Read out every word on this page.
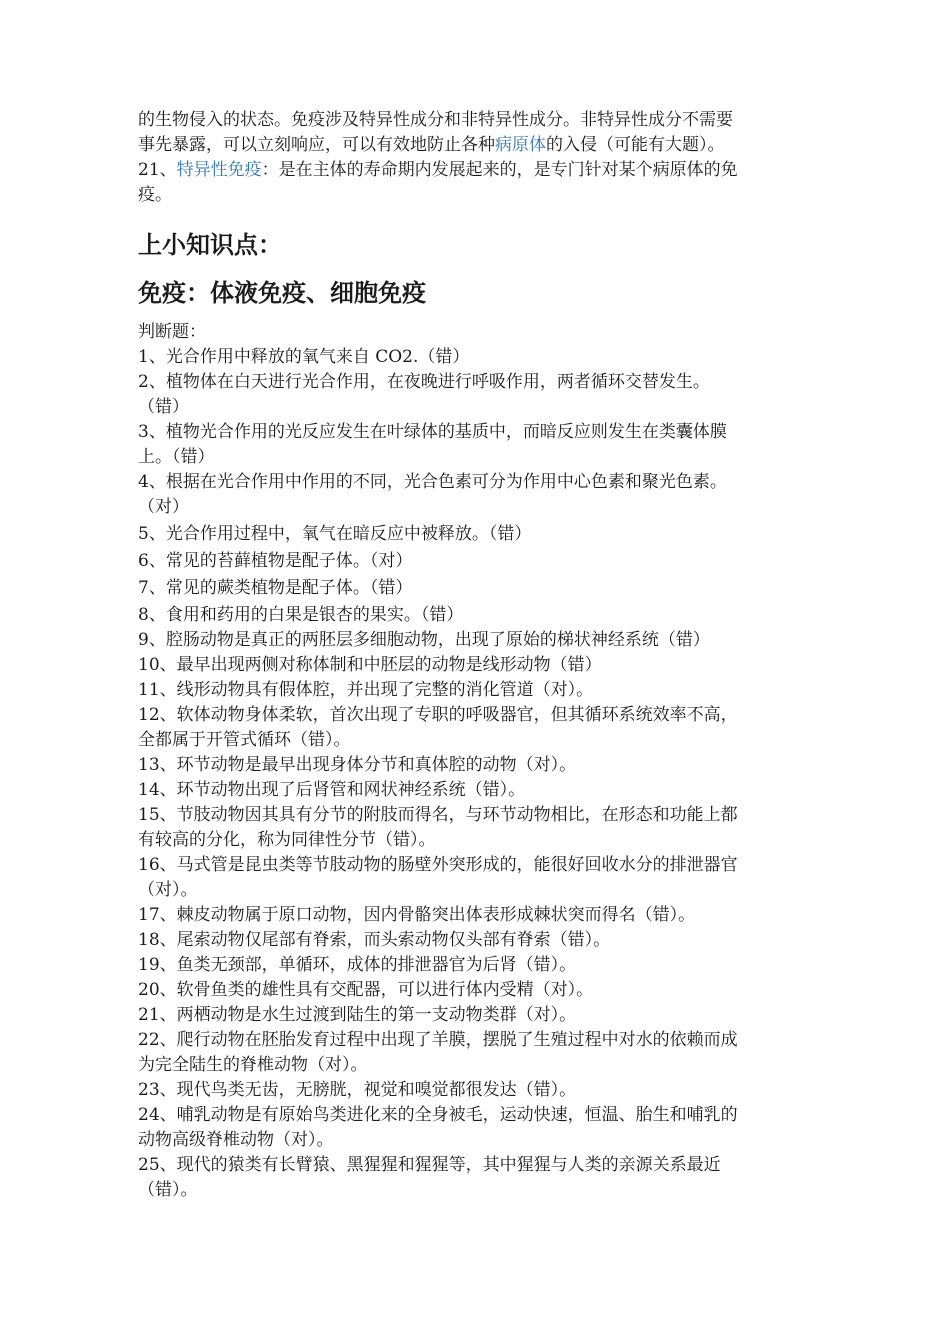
的生物侵入的状态。免疫涉及特异性成分和非特异性成分。非特异性成分不需要
事先暴露，可以立刻响应，可以有效地防止各种病原体的入侵（可能有大题）。

21、特异性免疫：是在主体的寿命期内发展起来的，是专门针对某个病原体的免
疫。

上小知识点：
免疫：体液免疫、细胞免疫

判断题：

1、光合作用中释放的氧气来自 CO2.（错）

2、植物体在白天进行光合作用，在夜晚进行呼吸作用，两者循环交替发生。
（错）

3、植物光合作用的光反应发生在叶绿体的基质中，而暗反应则发生在类囊体膜
上。（错）

4、根据在光合作用中作用的不同，光合色素可分为作用中心色素和聚光色素。
（对）

5、光合作用过程中，氧气在暗反应中被释放。（错）

6、常见的苔藓植物是配子体。（对）

7、常见的蕨类植物是配子体。（错）

8、食用和药用的白果是银杏的果实。（错）

9、腔肠动物是真正的两胚层多细胞动物，出现了原始的梯状神经系统（错）

10、最早出现两侧对称体制和中胚层的动物是线形动物（错）

11、线形动物具有假体腔，并出现了完整的消化管道（对）。

12、软体动物身体柔软，首次出现了专职的呼吸器官，但其循环系统效率不高，
全都属于开管式循环（错）。

13、环节动物是最早出现身体分节和真体腔的动物（对）。

14、环节动物出现了后肾管和网状神经系统（错）。

15、节肢动物因其具有分节的附肢而得名，与环节动物相比，在形态和功能上都
有较高的分化，称为同律性分节（错）。

16、马式管是昆虫类等节肢动物的肠壁外突形成的，能很好回收水分的排泄器官
（对）。

17、棘皮动物属于原口动物，因内骨骼突出体表形成棘状突而得名（错）。

18、尾索动物仅尾部有脊索，而头索动物仅头部有脊索（错）。

19、鱼类无颈部，单循环，成体的排泄器官为后肾（错）。

20、软骨鱼类的雄性具有交配器，可以进行体内受精（对）。

21、两栖动物是水生过渡到陆生的第一支动物类群（对）。

22、爬行动物在胚胎发育过程中出现了羊膜，摆脱了生殖过程中对水的依赖而成
为完全陆生的脊椎动物（对）。

23、现代鸟类无齿，无膀胱，视觉和嗅觉都很发达（错）。

24、哺乳动物是有原始鸟类进化来的全身被毛，运动快速，恒温、胎生和哺乳的
动物高级脊椎动物（对）。

25、现代的猿类有长臂猿、黑猩猩和猩猩等，其中猩猩与人类的亲源关系最近
（错）。
